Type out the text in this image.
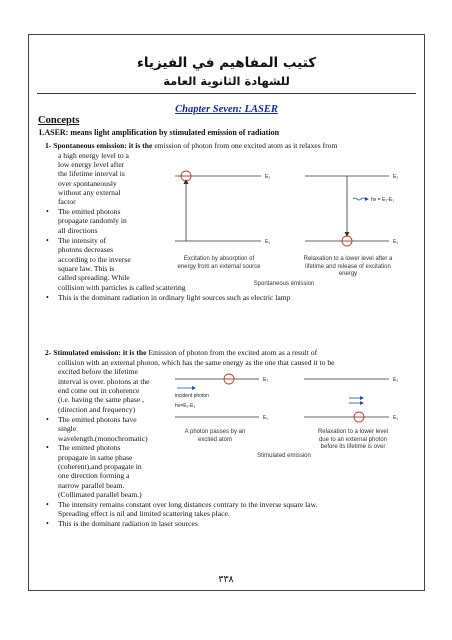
كتيب المفاهيم في الفيزياء
للشهادة الثانوية العامة
Chapter Seven: LASER
Concepts
LASER: means light amplification by stimulated emission of radiation
1- Spontaneous emission: it is the emission of photon from one excited atom as it relaxes from
a high energy level to a
low energy level after
the lifetime interval is
over spontaneously
without any external
factor
• The emitted photons
propagate randomly in
all directions
• The intensity of
photons decreases
according to the inverse
square law. This is
called spreading. While
collision with particles is called scattering
• This is the dominant radiation in ordinary light sources such as electric lamp
E₂
E₁
E₂
E₁
hν = E₂-E₁
Excitation by absorption of
energy from an external source
Relaxation to a lower level after a
lifetime and release of excitation
energy
Spontaneous emission
2- Stimulated emission: it is the Emission of photon from the excited atom as a result of
collision with an external photon, which has the same energy as the one that caused it to be
excited before the lifetime
interval is over. photons at the
end come out in coherence
(i.e. having the same phase ,
(direction and frequency)
• The emitted photons have
single
wavelength.(monochromatic)
• The emitted photons
propagate in same phase
(coherent),and propagate in
one direction forming a
narrow parallel beam.
(Collimated parallel beam.)
• The intensity remains constant over long distances contrary to the inverse square law.
Spreading effect is nil and limited scattering takes place.
• This is the dominant radiation in laser sources
E₂
incident photon
hν=E₂-E₁
E₁
E₂
E₁
A photon passes by an
excited atom
Relaxation to a lower level
due to an external photon
before its lifetime is over
Stimulated emission
٣٣٨
